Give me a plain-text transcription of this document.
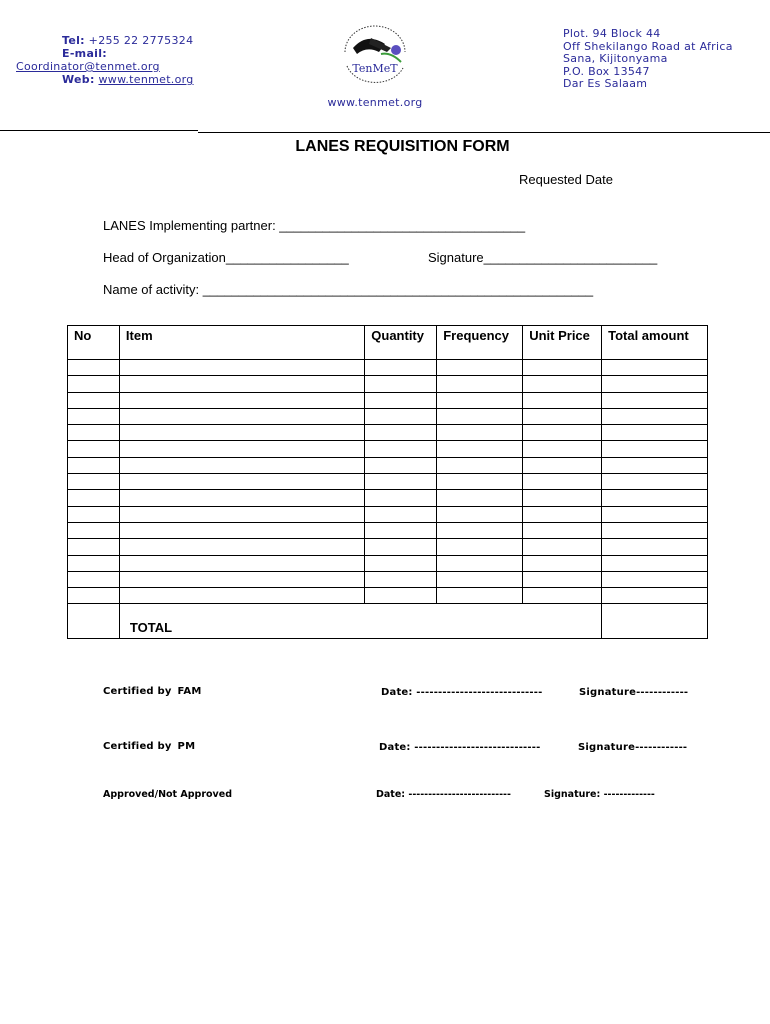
Tel: +255 22 2775324
E-mail:
Coordinator@tenmet.org
Web: www.tenmet.org
TenMeT
www.tenmet.org
Plot. 94 Block 44
Off Shekilango Road at Africa
Sana, Kijitonyama
P.O. Box 13547
Dar Es Salaam
LANES REQUISITION FORM
Requested Date
LANES Implementing partner: __________________________________
Head of Organization_________________	Signature________________________
Name of activity: ______________________________________________________
No	Item	Quantity	Frequency	Unit Price	Total amount

	TOTAL				
Certified by FAM	Date: -----------------------------	Signature------------
Certified by PM	Date: -----------------------------	Signature------------
Approved/Not Approved	Date: --------------------------	Signature: -------------
